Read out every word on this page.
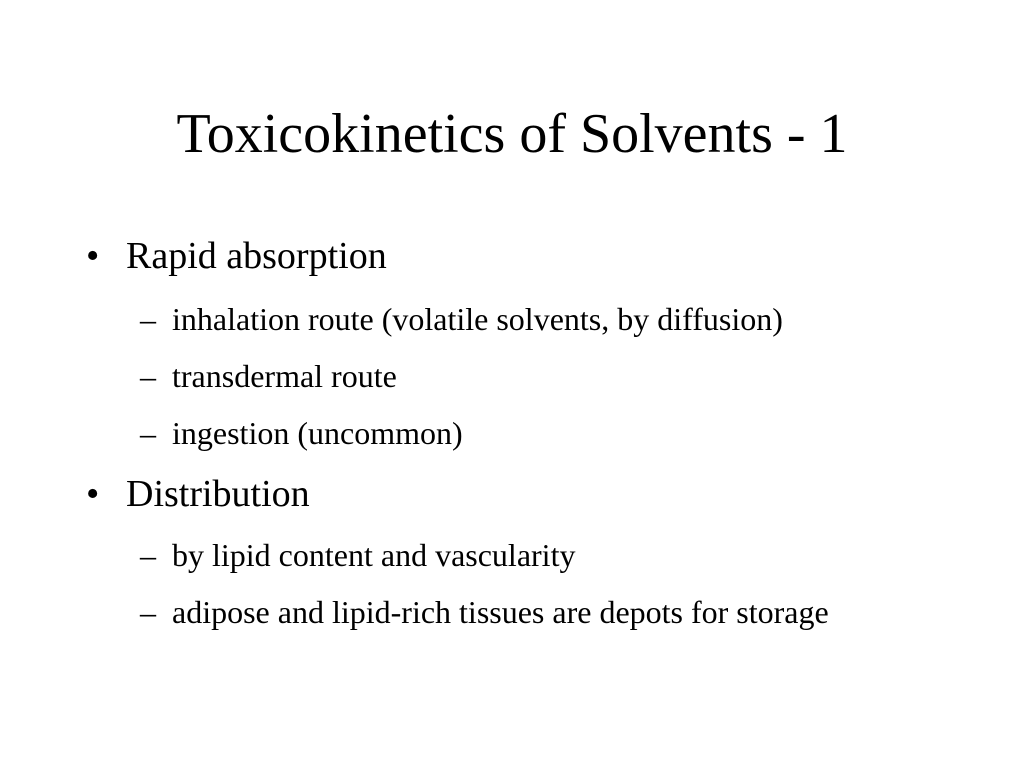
Toxicokinetics of Solvents - 1
• Rapid absorption
– inhalation route (volatile solvents, by diffusion)
– transdermal route
– ingestion (uncommon)
• Distribution
– by lipid content and vascularity
– adipose and lipid-rich tissues are depots for storage
